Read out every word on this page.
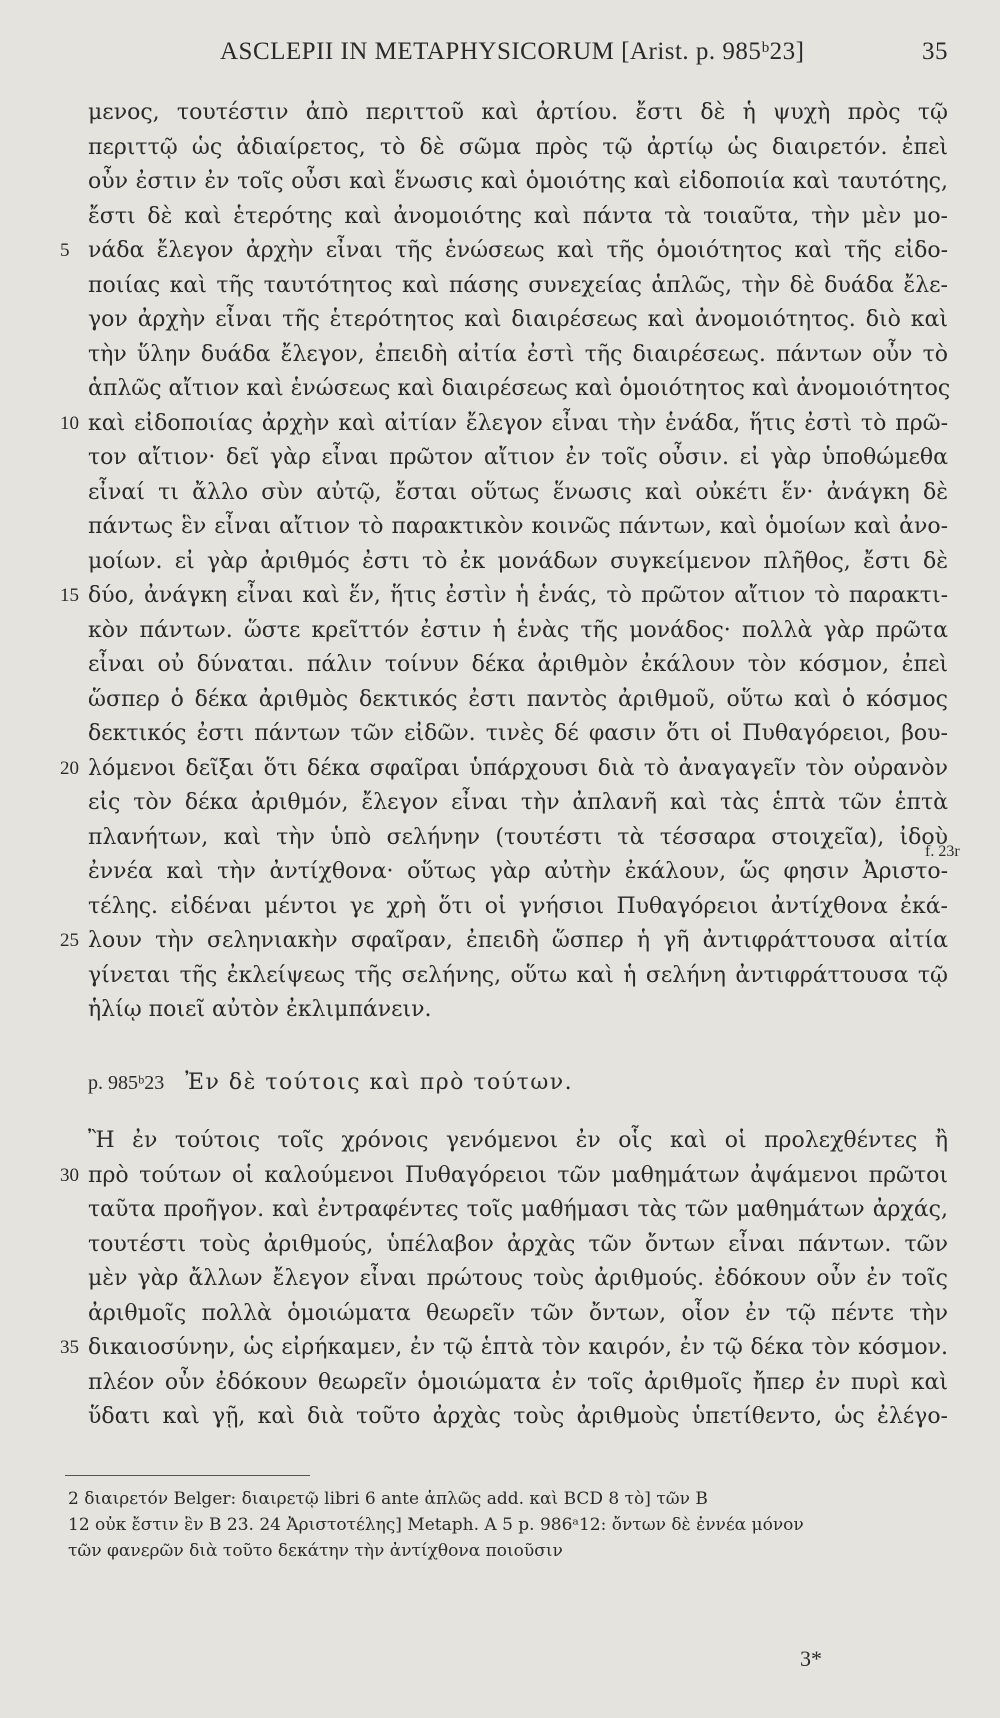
ASCLEPII IN METAPHYSICORUM [Arist. p. 985ᵇ23]	35
μενος, τουτέστιν ἀπὸ περιττοῦ καὶ ἀρτίου. ἔστι δὲ ἡ ψυχὴ πρὸς τῷ
περιττῷ ὡς ἀδιαίρετος, τὸ δὲ σῶμα πρὸς τῷ ἀρτίῳ ὡς διαιρετόν. ἐπεὶ
οὖν ἐστιν ἐν τοῖς οὖσι καὶ ἕνωσις καὶ ὁμοιότης καὶ εἰδοποιία καὶ ταυτότης,
ἔστι δὲ καὶ ἑτερότης καὶ ἀνομοιότης καὶ πάντα τὰ τοιαῦτα, τὴν μὲν μο-
νάδα ἔλεγον ἀρχὴν εἶναι τῆς ἑνώσεως καὶ τῆς ὁμοιότητος καὶ τῆς εἰδο-
5
ποιίας καὶ τῆς ταυτότητος καὶ πάσης συνεχείας ἁπλῶς, τὴν δὲ δυάδα ἔλε-
γον ἀρχὴν εἶναι τῆς ἑτερότητος καὶ διαιρέσεως καὶ ἀνομοιότητος. διὸ καὶ
τὴν ὕλην δυάδα ἔλεγον, ἐπειδὴ αἰτία ἐστὶ τῆς διαιρέσεως. πάντων οὖν τὸ
ἁπλῶς αἴτιον καὶ ἑνώσεως καὶ διαιρέσεως καὶ ὁμοιότητος καὶ ἀνομοιότητος
καὶ εἰδοποιίας ἀρχὴν καὶ αἰτίαν ἔλεγον εἶναι τὴν ἑνάδα, ἥτις ἐστὶ τὸ πρῶ-
10
τον αἴτιον· δεῖ γὰρ εἶναι πρῶτον αἴτιον ἐν τοῖς οὖσιν. εἰ γὰρ ὑποθώμεθα
εἶναί τι ἄλλο σὺν αὐτῷ, ἔσται οὕτως ἕνωσις καὶ οὐκέτι ἕν· ἀνάγκη δὲ
πάντως ἓν εἶναι αἴτιον τὸ παρακτικὸν κοινῶς πάντων, καὶ ὁμοίων καὶ ἀνο-
μοίων. εἰ γὰρ ἀριθμός ἐστι τὸ ἐκ μονάδων συγκείμενον πλῆθος, ἔστι δὲ
δύο, ἀνάγκη εἶναι καὶ ἕν, ἥτις ἐστὶν ἡ ἑνάς, τὸ πρῶτον αἴτιον τὸ παρακτι-
15
κὸν πάντων. ὥστε κρεῖττόν ἐστιν ἡ ἑνὰς τῆς μονάδος· πολλὰ γὰρ πρῶτα
εἶναι οὐ δύναται. πάλιν τοίνυν δέκα ἀριθμὸν ἐκάλουν τὸν κόσμον, ἐπεὶ
ὥσπερ ὁ δέκα ἀριθμὸς δεκτικός ἐστι παντὸς ἀριθμοῦ, οὕτω καὶ ὁ κόσμος
δεκτικός ἐστι πάντων τῶν εἰδῶν. τινὲς δέ φασιν ὅτι οἱ Πυθαγόρειοι, βου-
λόμενοι δεῖξαι ὅτι δέκα σφαῖραι ὑπάρχουσι διὰ τὸ ἀναγαγεῖν τὸν οὐρανὸν
20
εἰς τὸν δέκα ἀριθμόν, ἔλεγον εἶναι τὴν ἀπλανῆ καὶ τὰς ἑπτὰ τῶν ἑπτὰ
πλανήτων, καὶ τὴν ὑπὸ σελήνην (τουτέστι τὰ τέσσαρα στοιχεῖα), ἰδοὺ
ἐννέα καὶ τὴν ἀντίχθονα· οὕτως γὰρ αὐτὴν ἐκάλουν, ὥς φησιν Ἀριστο-
τέλης. εἰδέναι μέντοι γε χρὴ ὅτι οἱ γνήσιοι Πυθαγόρειοι ἀντίχθονα ἐκά-
λουν τὴν σεληνιακὴν σφαῖραν, ἐπειδὴ ὥσπερ ἡ γῆ ἀντιφράττουσα αἰτία
25
γίνεται τῆς ἐκλείψεως τῆς σελήνης, οὕτω καὶ ἡ σελήνη ἀντιφράττουσα τῷ
ἡλίῳ ποιεῖ αὐτὸν ἐκλιμπάνειν.
f. 23r
p. 985ᵇ23 Ἐν δὲ τούτοις καὶ πρὸ τούτων.
Ἢ ἐν τούτοις τοῖς χρόνοις γενόμενοι ἐν οἷς καὶ οἱ προλεχθέντες ἢ
πρὸ τούτων οἱ καλούμενοι Πυθαγόρειοι τῶν μαθημάτων ἀψάμενοι πρῶτοι
30
ταῦτα προῆγον. καὶ ἐντραφέντες τοῖς μαθήμασι τὰς τῶν μαθημάτων ἀρχάς,
τουτέστι τοὺς ἀριθμούς, ὑπέλαβον ἀρχὰς τῶν ὄντων εἶναι πάντων. τῶν
μὲν γὰρ ἄλλων ἔλεγον εἶναι πρώτους τοὺς ἀριθμούς. ἐδόκουν οὖν ἐν τοῖς
ἀριθμοῖς πολλὰ ὁμοιώματα θεωρεῖν τῶν ὄντων, οἷον ἐν τῷ πέντε τὴν
δικαιοσύνην, ὡς εἰρήκαμεν, ἐν τῷ ἑπτὰ τὸν καιρόν, ἐν τῷ δέκα τὸν κόσμον.
35
πλέον οὖν ἐδόκουν θεωρεῖν ὁμοιώματα ἐν τοῖς ἀριθμοῖς ἤπερ ἐν πυρὶ καὶ
ὕδατι καὶ γῇ, καὶ διὰ τοῦτο ἀρχὰς τοὺς ἀριθμοὺς ὑπετίθεντο, ὡς ἐλέγο-
2 διαιρετόν Belger: διαιρετῷ libri 6 ante ἁπλῶς add. καὶ BCD 8 τὸ] τῶν B
12 οὐκ ἔστιν ἓν B 23. 24 Ἀριστοτέλης] Metaph. A 5 p. 986ᵃ12: ὄντων δὲ ἐννέα μόνον
τῶν φανερῶν διὰ τοῦτο δεκάτην τὴν ἀντίχθονα ποιοῦσιν
3*
